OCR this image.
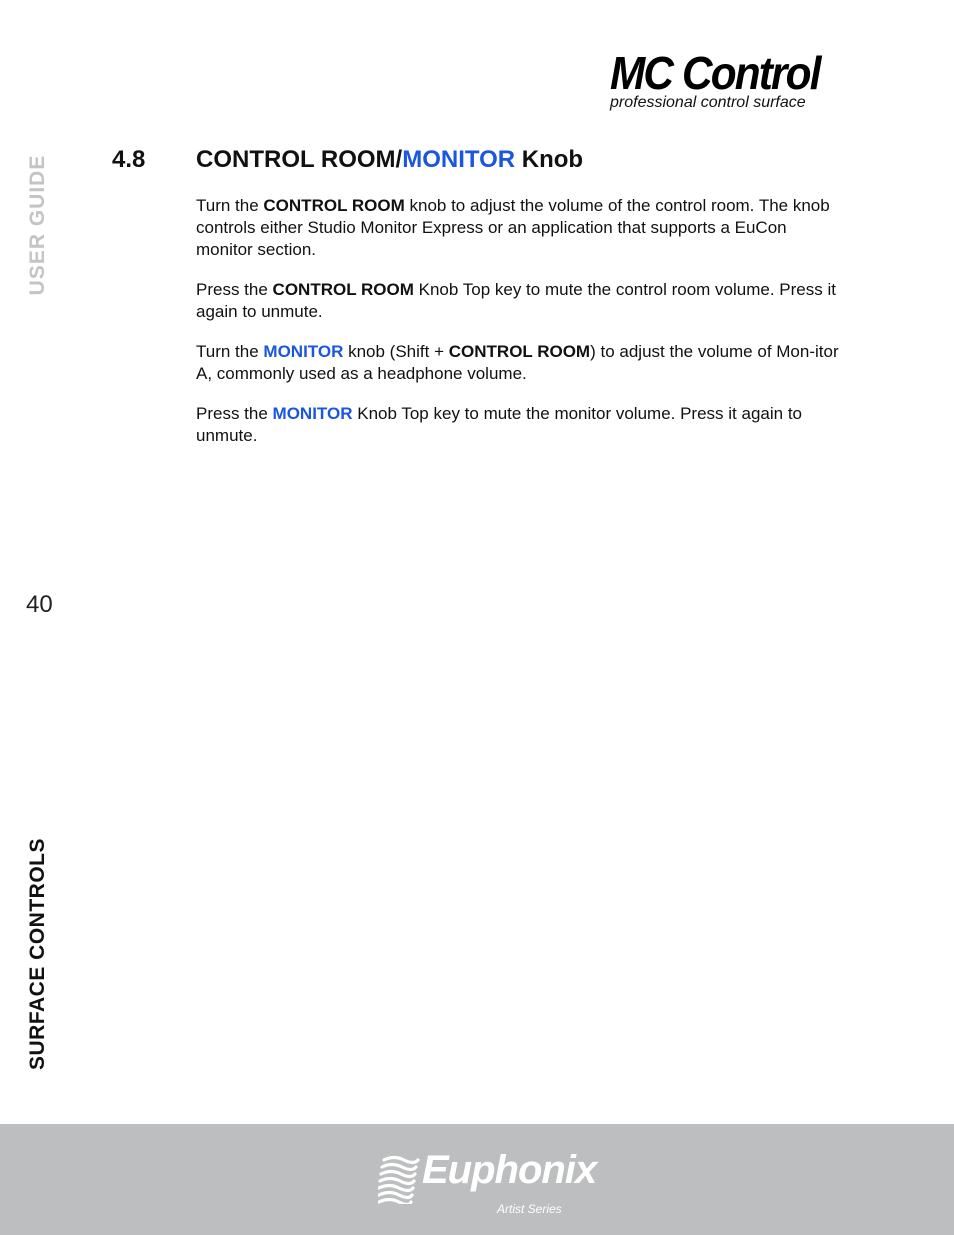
MC Control
professional control surface
USER GUIDE
40
SURFACE CONTROLS
4.8 CONTROL ROOM/MONITOR Knob

Turn the CONTROL ROOM knob to adjust the volume of the control room. The knob controls either Studio Monitor Express or an application that supports a EuCon monitor section.

Press the CONTROL ROOM Knob Top key to mute the control room volume. Press it again to unmute.

Turn the MONITOR knob (Shift + CONTROL ROOM) to adjust the volume of Mon-itor A, commonly used as a headphone volume.

Press the MONITOR Knob Top key to mute the monitor volume. Press it again to unmute.

Euphonix
Artist Series
